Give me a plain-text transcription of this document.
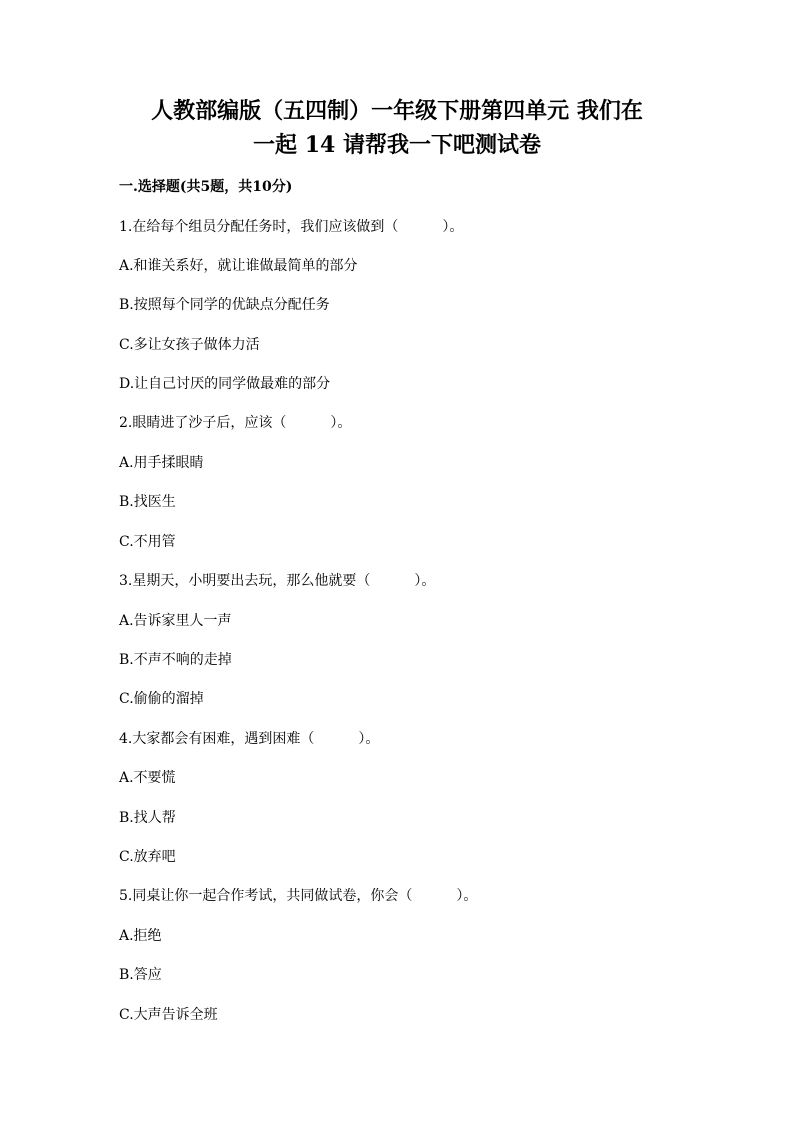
人教部编版（五四制）一年级下册第四单元 我们在
一起 14 请帮我一下吧测试卷
一.选择题(共5题，共10分)
1.在给每个组员分配任务时，我们应该做到（	）。
A.和谁关系好，就让谁做最简单的部分
B.按照每个同学的优缺点分配任务
C.多让女孩子做体力活
D.让自己讨厌的同学做最难的部分
2.眼睛进了沙子后，应该（	）。
A.用手揉眼睛
B.找医生
C.不用管
3.星期天，小明要出去玩，那么他就要（	）。
A.告诉家里人一声
B.不声不响的走掉
C.偷偷的溜掉
4.大家都会有困难，遇到困难（	）。
A.不要慌
B.找人帮
C.放弃吧
5.同桌让你一起合作考试，共同做试卷，你会（	）。
A.拒绝
B.答应
C.大声告诉全班
